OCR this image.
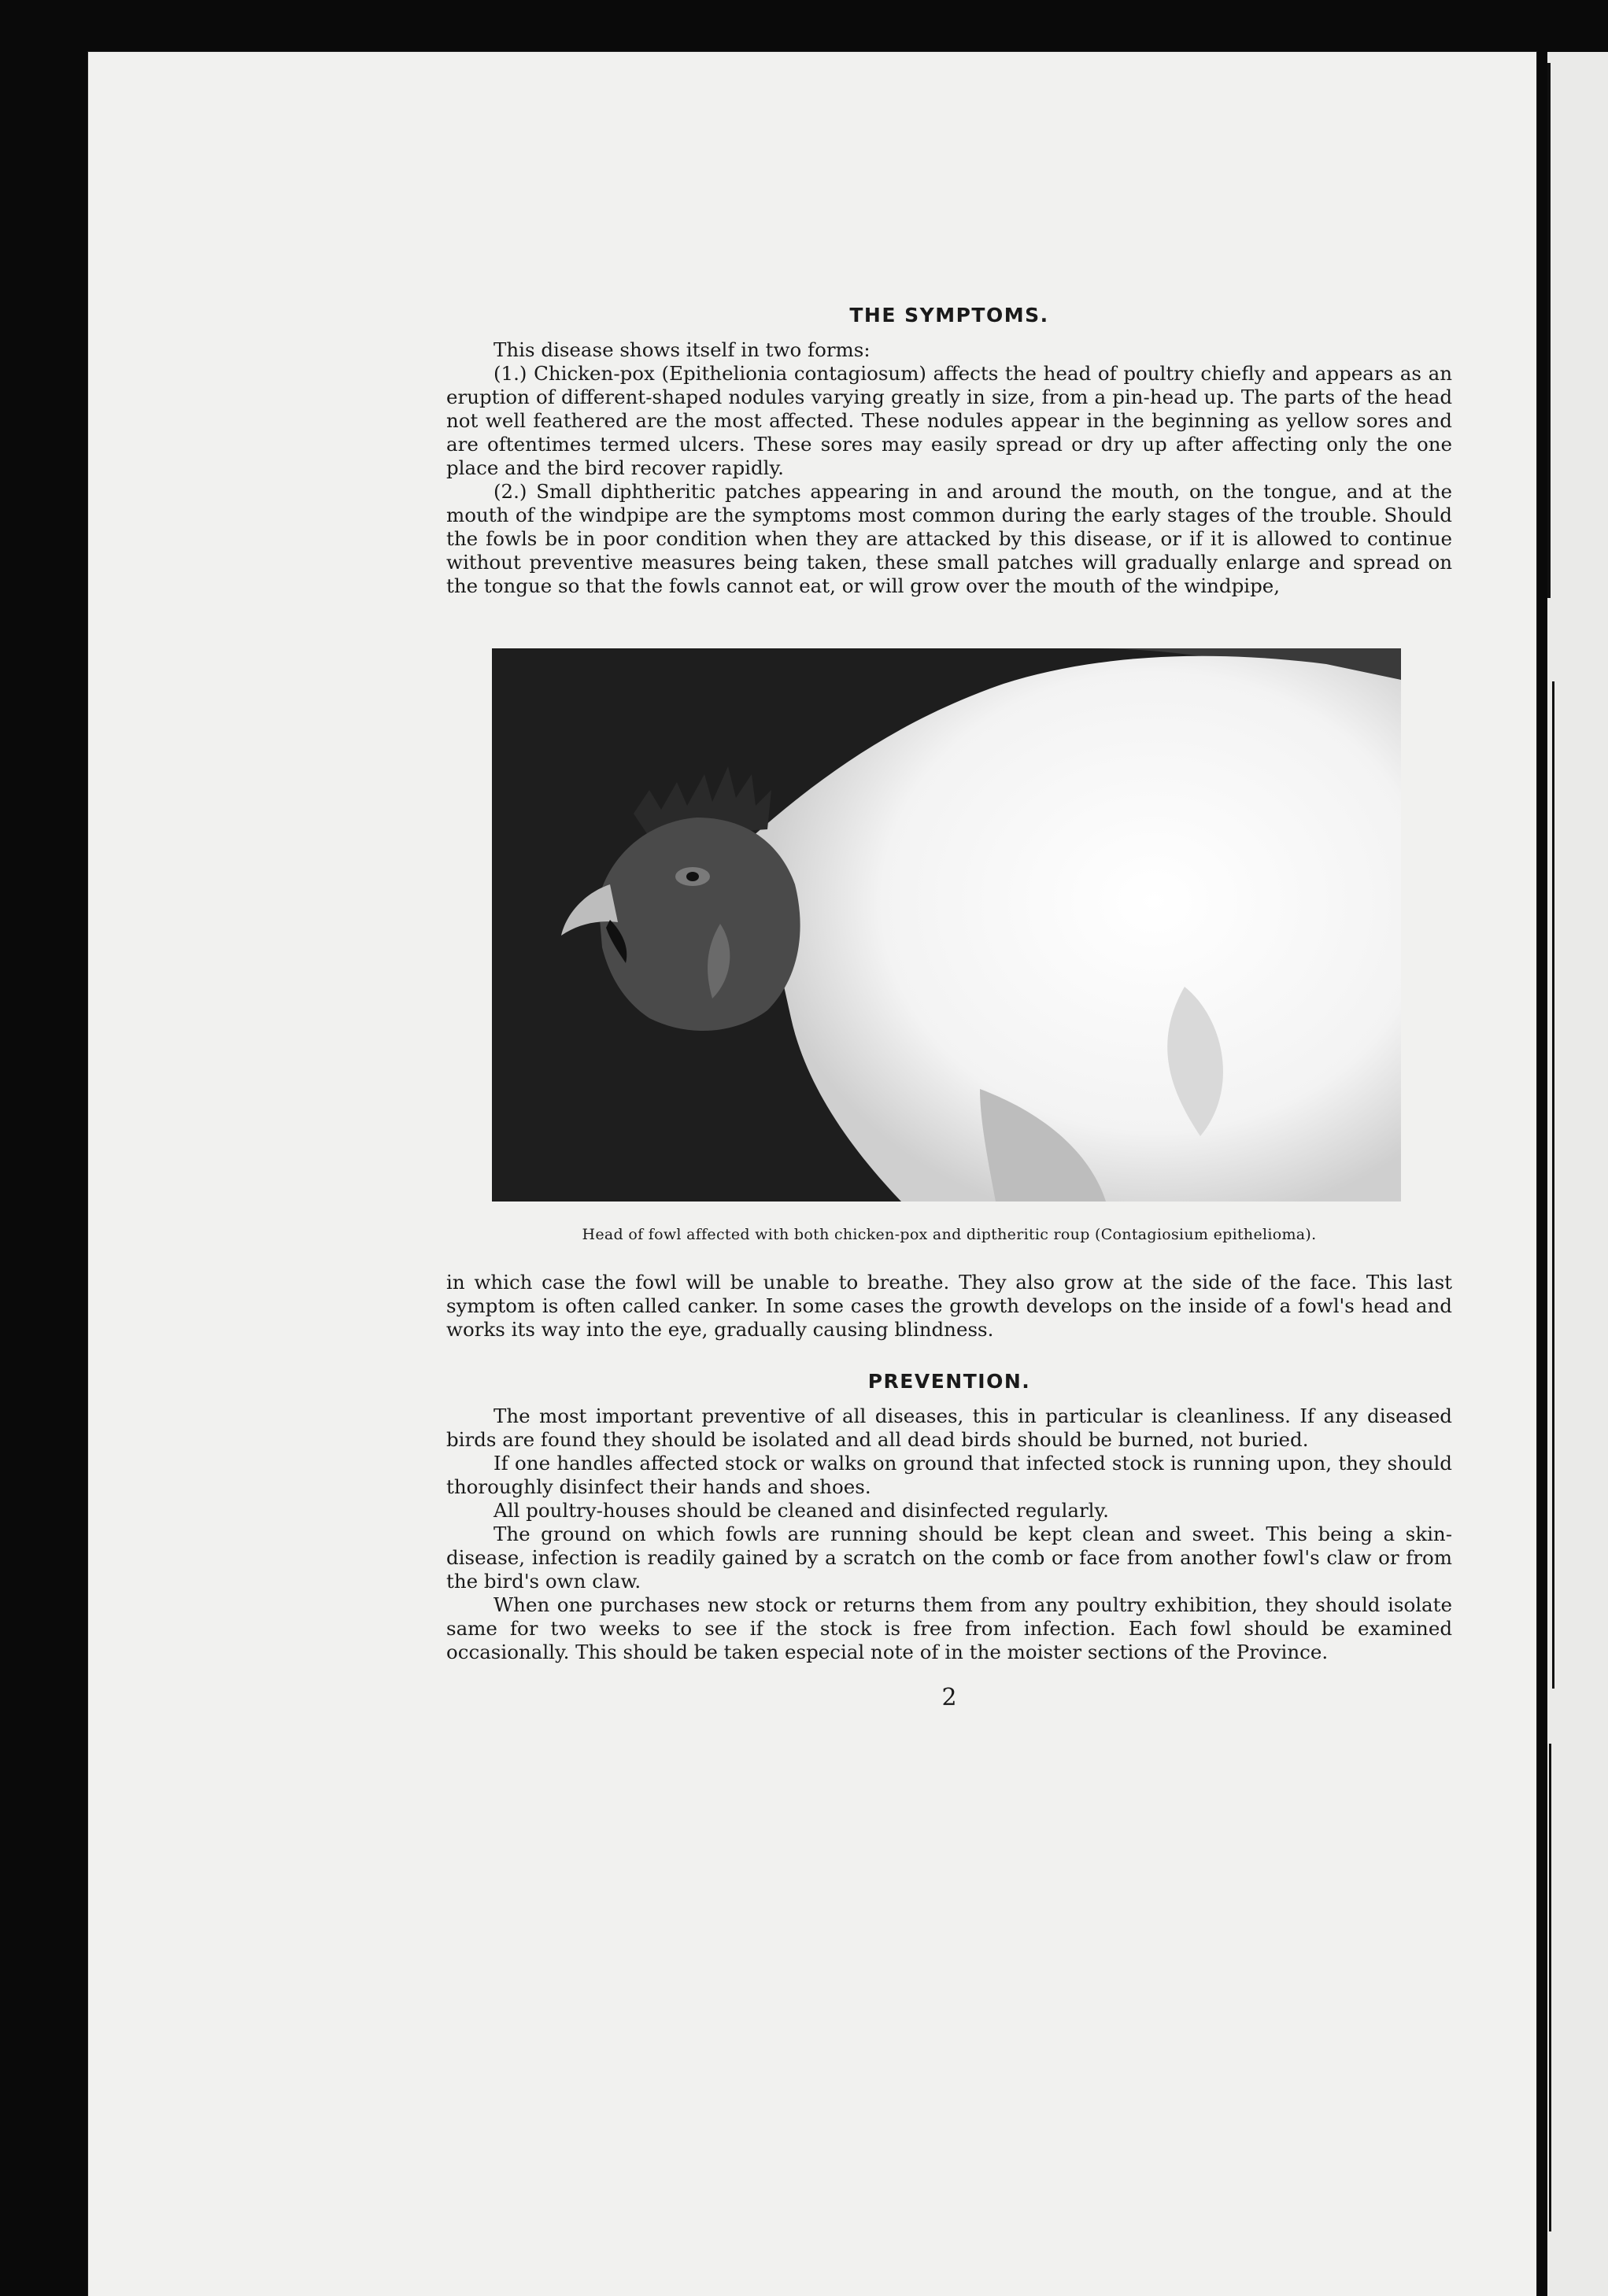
THE SYMPTOMS.

This disease shows itself in two forms:

(1.) Chicken-pox (Epithelionia contagiosum) affects the head of poultry chiefly and appears as an eruption of different-shaped nodules varying greatly in size, from a pin-head up. The parts of the head not well feathered are the most affected. These nodules appear in the beginning as yellow sores and are oftentimes termed ulcers. These sores may easily spread or dry up after affecting only the one place and the bird recover rapidly.

(2.) Small diphtheritic patches appearing in and around the mouth, on the tongue, and at the mouth of the windpipe are the symptoms most common during the early stages of the trouble. Should the fowls be in poor condition when they are attacked by this disease, or if it is allowed to continue without preventive measures being taken, these small patches will gradually enlarge and spread on the tongue so that the fowls cannot eat, or will grow over the mouth of the windpipe,

Head of fowl affected with both chicken-pox and diptheritic roup (Contagiosium epithelioma).

in which case the fowl will be unable to breathe. They also grow at the side of the face. This last symptom is often called canker. In some cases the growth develops on the inside of a fowl's head and works its way into the eye, gradually causing blindness.

PREVENTION.

The most important preventive of all diseases, this in particular is cleanliness. If any diseased birds are found they should be isolated and all dead birds should be burned, not buried.

If one handles affected stock or walks on ground that infected stock is running upon, they should thoroughly disinfect their hands and shoes.

All poultry-houses should be cleaned and disinfected regularly.

The ground on which fowls are running should be kept clean and sweet. This being a skin-disease, infection is readily gained by a scratch on the comb or face from another fowl's claw or from the bird's own claw.

When one purchases new stock or returns them from any poultry exhibition, they should isolate same for two weeks to see if the stock is free from infection. Each fowl should be examined occasionally. This should be taken especial note of in the moister sections of the Province.

2
